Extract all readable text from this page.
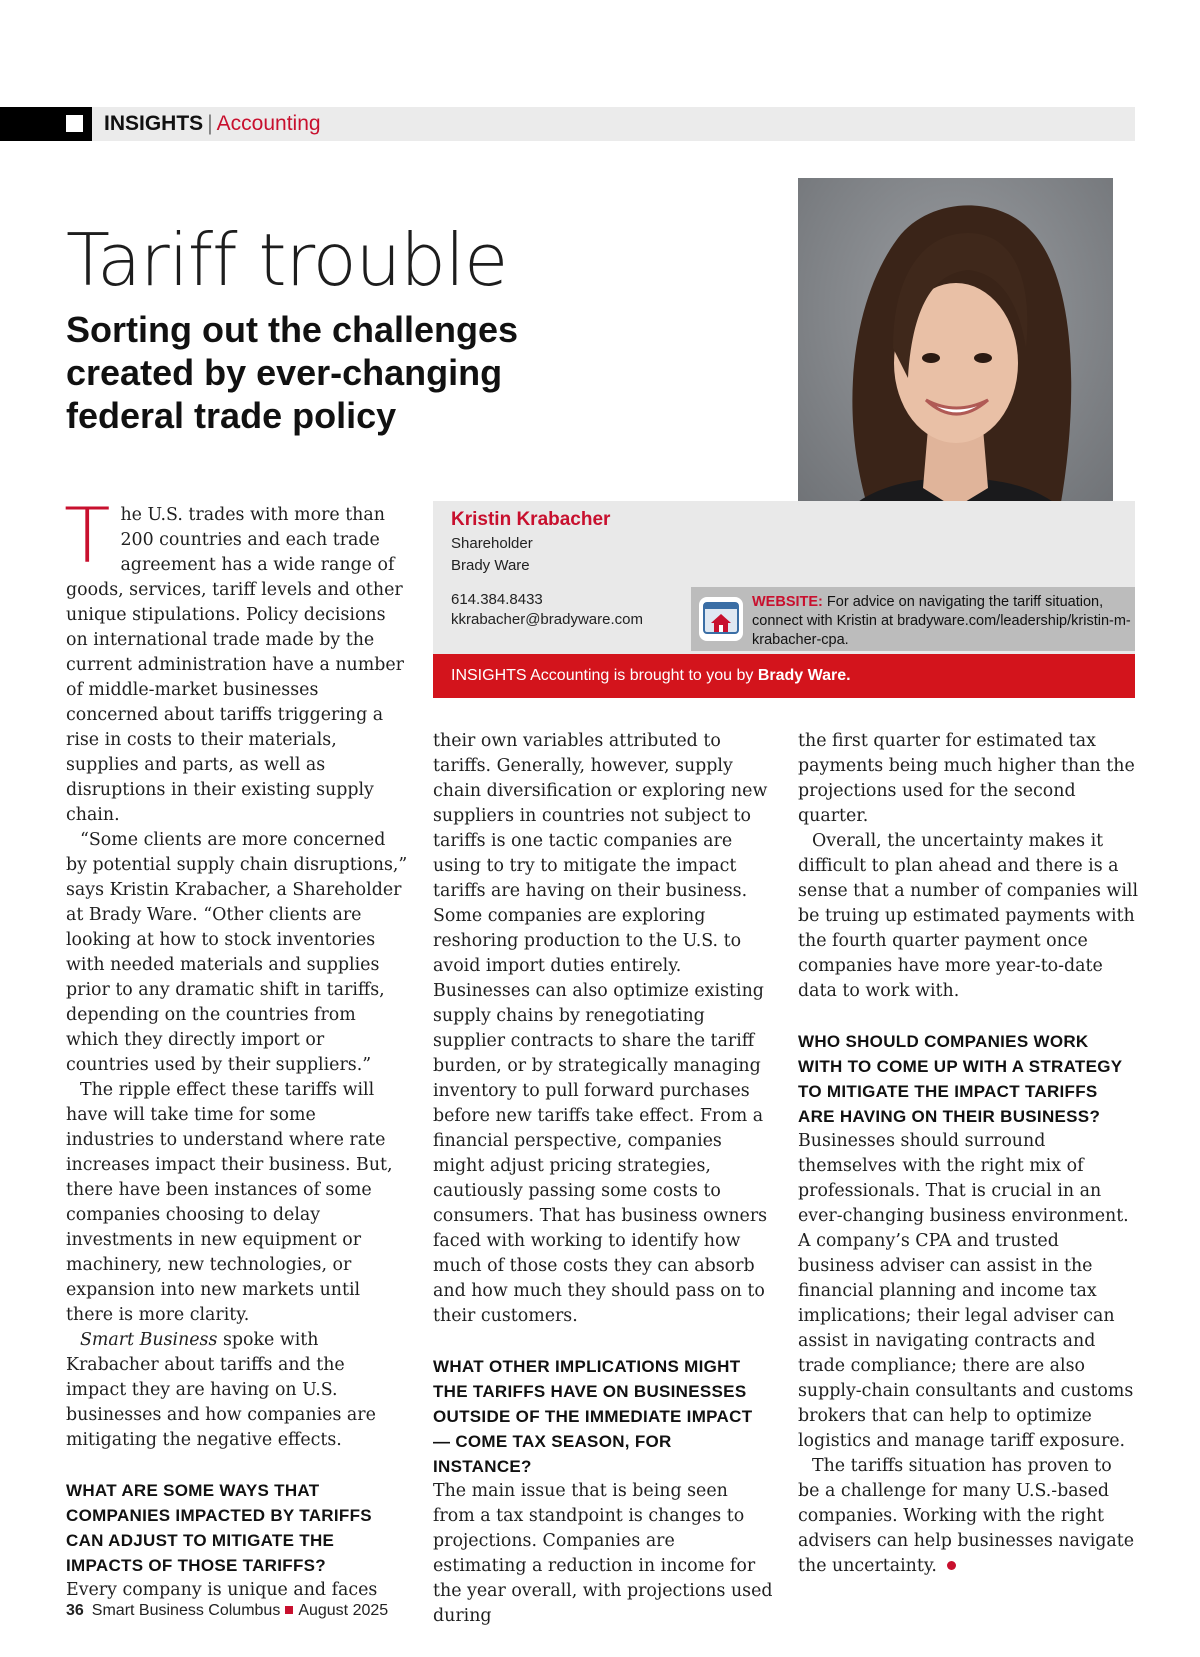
INSIGHTS | Accounting
Tariff trouble
Sorting out the challenges created by ever-changing federal trade policy
Kristin Krabacher
Shareholder
Brady Ware
614.384.8433
kkrabacher@bradyware.com
WEBSITE: For advice on navigating the tariff situation, connect with Kristin at bradyware.com/leadership/kristin-m-krabacher-cpa.
INSIGHTS Accounting is brought to you by Brady Ware.

The U.S. trades with more than 200 countries and each trade agreement has a wide range of goods, services, tariff levels and other unique stipulations. Policy decisions on international trade made by the current administration have a number of middle-market businesses concerned about tariffs triggering a rise in costs to their materials, supplies and parts, as well as disruptions in their existing supply chain.

“Some clients are more concerned by potential supply chain disruptions,” says Kristin Krabacher, a Shareholder at Brady Ware. “Other clients are looking at how to stock inventories with needed materials and supplies prior to any dramatic shift in tariffs, depending on the countries from which they directly import or countries used by their suppliers.”

The ripple effect these tariffs will have will take time for some industries to understand where rate increases impact their business. But, there have been instances of some companies choosing to delay investments in new equipment or machinery, new technologies, or expansion into new markets until there is more clarity.

Smart Business spoke with Krabacher about tariffs and the impact they are having on U.S. businesses and how companies are mitigating the negative effects.

WHAT ARE SOME WAYS THAT COMPANIES IMPACTED BY TARIFFS CAN ADJUST TO MITIGATE THE IMPACTS OF THOSE TARIFFS?

Every company is unique and faces

their own variables attributed to tariffs. Generally, however, supply chain diversification or exploring new suppliers in countries not subject to tariffs is one tactic companies are using to try to mitigate the impact tariffs are having on their business. Some companies are exploring reshoring production to the U.S. to avoid import duties entirely. Businesses can also optimize existing supply chains by renegotiating supplier contracts to share the tariff burden, or by strategically managing inventory to pull forward purchases before new tariffs take effect. From a financial perspective, companies might adjust pricing strategies, cautiously passing some costs to consumers. That has business owners faced with working to identify how much of those costs they can absorb and how much they should pass on to their customers.

WHAT OTHER IMPLICATIONS MIGHT THE TARIFFS HAVE ON BUSINESSES OUTSIDE OF THE IMMEDIATE IMPACT — COME TAX SEASON, FOR INSTANCE?

The main issue that is being seen from a tax standpoint is changes to projections. Companies are estimating a reduction in income for the year overall, with projections used during

the first quarter for estimated tax payments being much higher than the projections used for the second quarter.

Overall, the uncertainty makes it difficult to plan ahead and there is a sense that a number of companies will be truing up estimated payments with the fourth quarter payment once companies have more year-to-date data to work with.

WHO SHOULD COMPANIES WORK WITH TO COME UP WITH A STRATEGY TO MITIGATE THE IMPACT TARIFFS ARE HAVING ON THEIR BUSINESS?

Businesses should surround themselves with the right mix of professionals. That is crucial in an ever-changing business environment. A company’s CPA and trusted business adviser can assist in the financial planning and income tax implications; their legal adviser can assist in navigating contracts and trade compliance; there are also supply-chain consultants and customs brokers that can help to optimize logistics and manage tariff exposure.

The tariffs situation has proven to be a challenge for many U.S.-based companies. Working with the right advisers can help businesses navigate the uncertainty.

36 Smart Business Columbus August 2025
